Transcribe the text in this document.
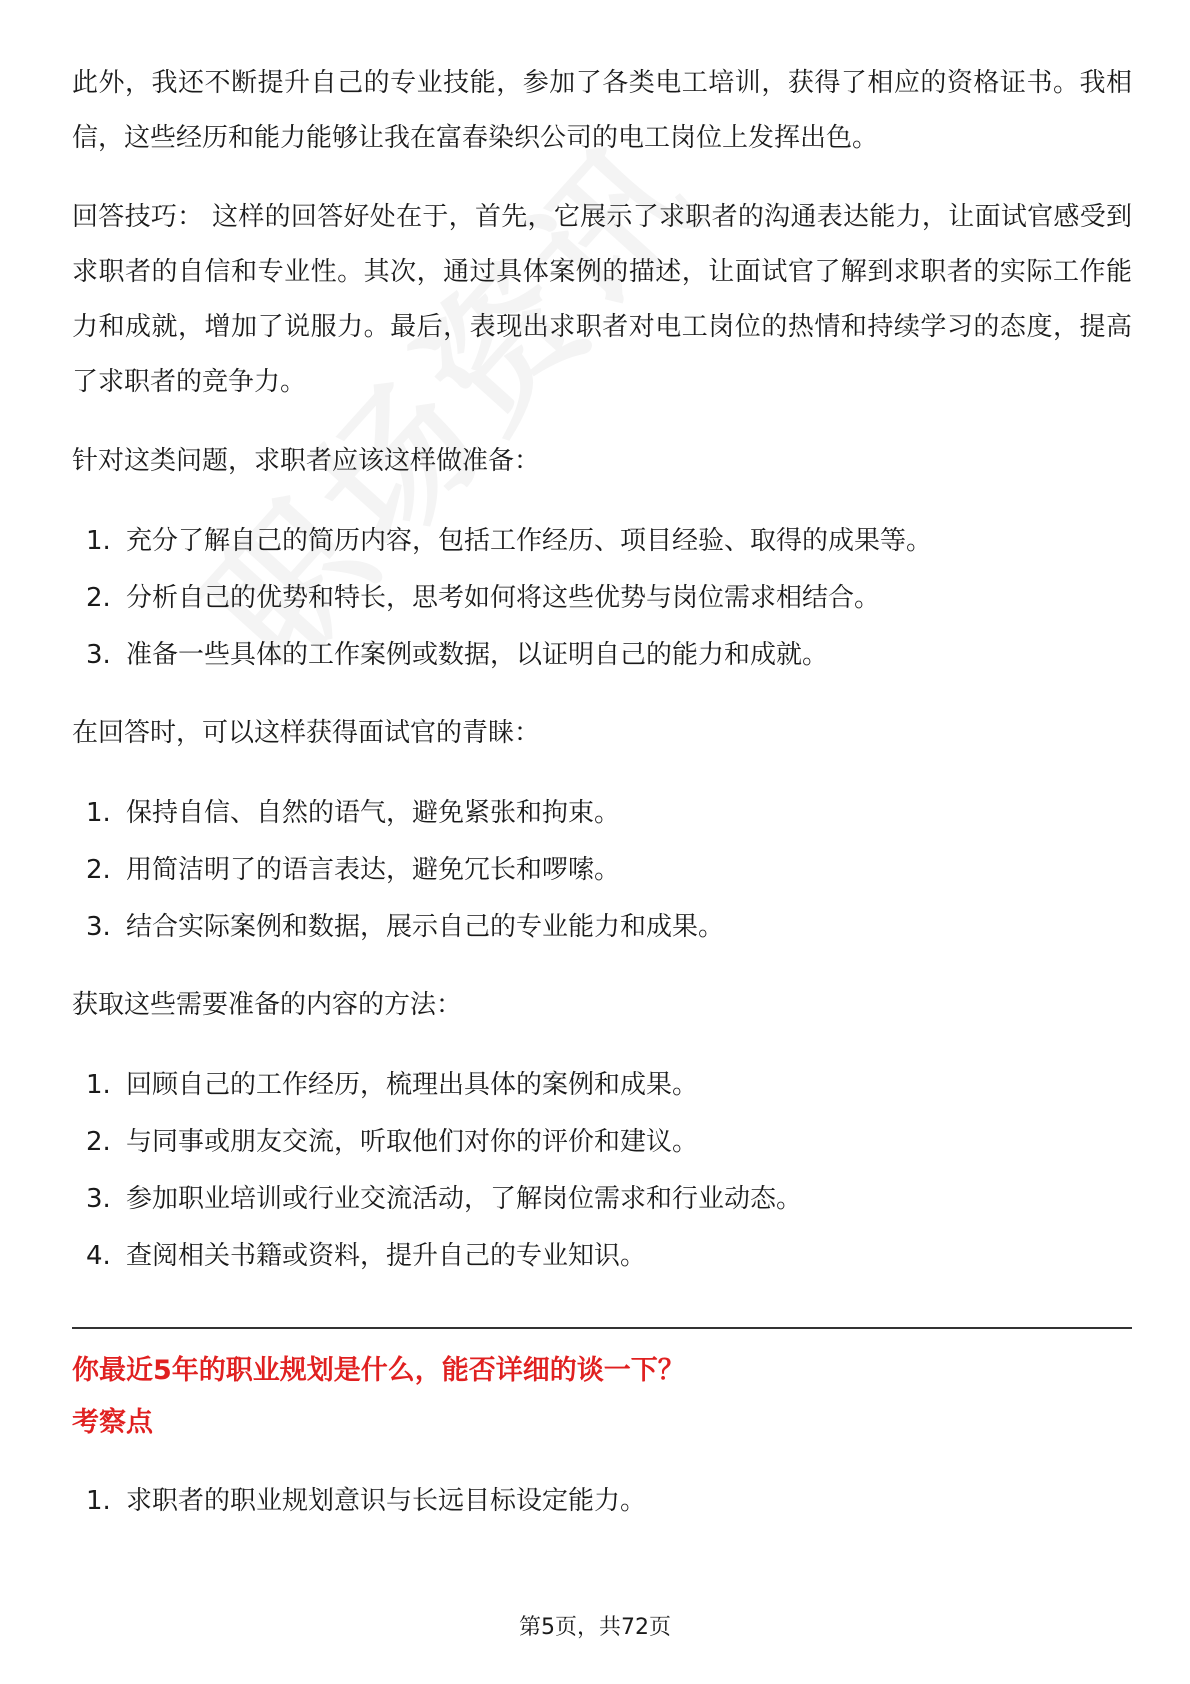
此外，我还不断提升自己的专业技能，参加了各类电工培训，获得了相应的资格证书。我相信，这些经历和能力能够让我在富春染织公司的电工岗位上发挥出色。

回答技巧： 这样的回答好处在于，首先，它展示了求职者的沟通表达能力，让面试官感受到求职者的自信和专业性。其次，通过具体案例的描述，让面试官了解到求职者的实际工作能力和成就，增加了说服力。最后，表现出求职者对电工岗位的热情和持续学习的态度，提高了求职者的竞争力。

针对这类问题，求职者应该这样做准备：

1. 充分了解自己的简历内容，包括工作经历、项目经验、取得的成果等。
2. 分析自己的优势和特长，思考如何将这些优势与岗位需求相结合。
3. 准备一些具体的工作案例或数据，以证明自己的能力和成就。

在回答时，可以这样获得面试官的青睐：

1. 保持自信、自然的语气，避免紧张和拘束。
2. 用简洁明了的语言表达，避免冗长和啰嗦。
3. 结合实际案例和数据，展示自己的专业能力和成果。

获取这些需要准备的内容的方法：

1. 回顾自己的工作经历，梳理出具体的案例和成果。
2. 与同事或朋友交流，听取他们对你的评价和建议。
3. 参加职业培训或行业交流活动，了解岗位需求和行业动态。
4. 查阅相关书籍或资料，提升自己的专业知识。

你最近5年的职业规划是什么，能否详细的谈一下？

考察点

1. 求职者的职业规划意识与长远目标设定能力。
第5页，共72页
